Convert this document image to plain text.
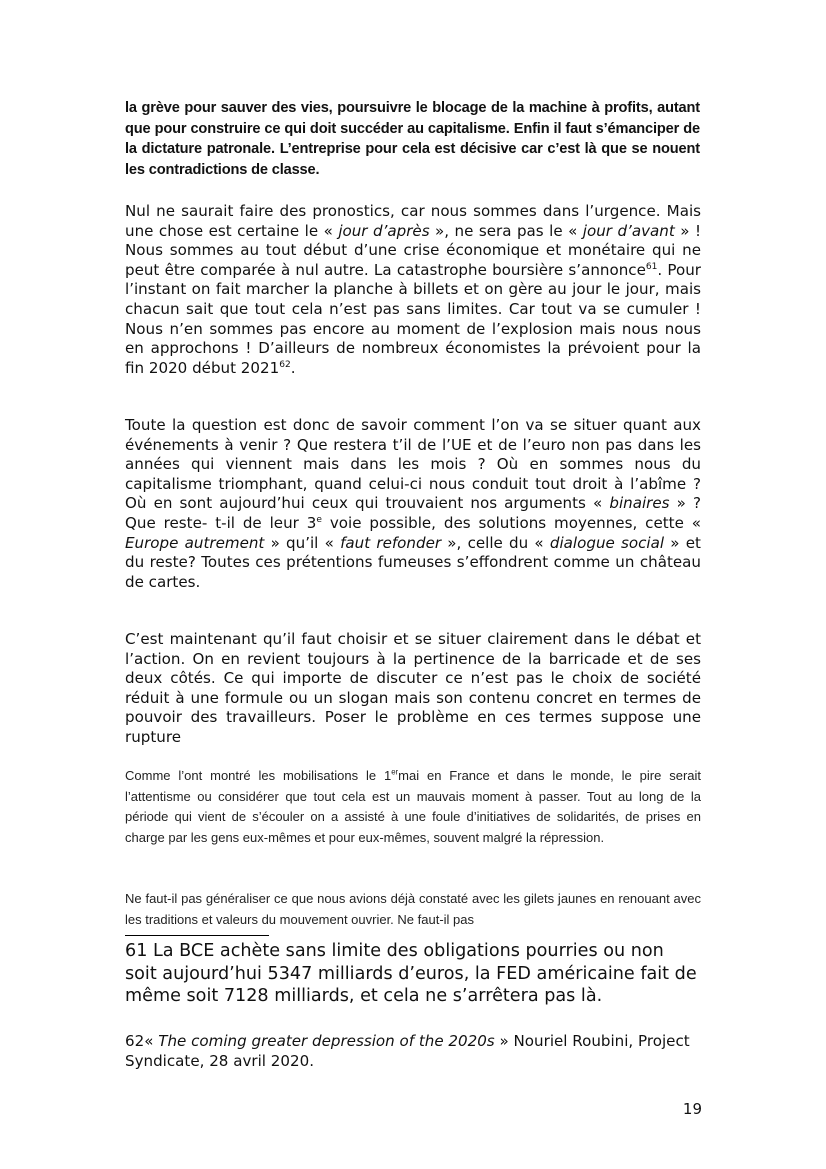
la grève pour sauver des vies, poursuivre le blocage de la machine à profits, autant que pour construire ce qui doit succéder au capitalisme. Enfin il faut s’émanciper de la dictature patronale. L’entreprise pour cela est décisive car c’est là que se nouent les contradictions de classe.

Nul ne saurait faire des pronostics, car nous sommes dans l’urgence. Mais une chose est certaine le « jour d’après », ne sera pas le « jour d’avant » ! Nous sommes au tout début d’une crise économique et monétaire qui ne peut être comparée à nul autre. La catastrophe boursière s’annonce$^{61}$. Pour l’instant on fait marcher la planche à billets et on gère au jour le jour, mais chacun sait que tout cela n’est pas sans limites. Car tout va se cumuler ! Nous n’en sommes pas encore au moment de l’explosion mais nous nous en approchons ! D’ailleurs de nombreux économistes la prévoient pour la fin 2020 début 2021$^{62}$.

Toute la question est donc de savoir comment l’on va se situer quant aux événements à venir ? Que restera t’il de l’UE et de l’euro non pas dans les années qui viennent mais dans les mois ? Où en sommes nous du capitalisme triomphant, quand celui-ci nous conduit tout droit à l’abîme ? Où en sont aujourd’hui ceux qui trouvaient nos arguments « binaires » ? Que reste- t-il de leur 3e voie possible, des solutions moyennes, cette « Europe autrement » qu’il « faut refonder », celle du « dialogue social » et du reste? Toutes ces prétentions fumeuses s’effondrent comme un château de cartes.

C’est maintenant qu’il faut choisir et se situer clairement dans le débat et l’action. On en revient toujours à la pertinence de la barricade et de ses deux côtés. Ce qui importe de discuter ce n’est pas le choix de société réduit à une formule ou un slogan mais son contenu concret en termes de pouvoir des travailleurs. Poser le problème en ces termes suppose une rupture

Comme l’ont montré les mobilisations le 1ermai en France et dans le monde, le pire serait l’attentisme ou considérer que tout cela est un mauvais moment à passer. Tout au long de la période qui vient de s’écouler on a assisté à une foule d’initiatives de solidarités, de prises en charge par les gens eux-mêmes et pour eux-mêmes, souvent malgré la répression.

Ne faut-il pas généraliser ce que nous avions déjà constaté avec les gilets jaunes en renouant avec les traditions et valeurs du mouvement ouvrier. Ne faut-il pas

61 La BCE achète sans limite des obligations pourries ou non soit aujourd’hui 5347 milliards d’euros, la FED américaine fait de même soit 7128 milliards, et cela ne s’arrêtera pas là.

62« The coming greater depression of the 2020s » Nouriel Roubini, Project Syndicate, 28 avril 2020.

19
